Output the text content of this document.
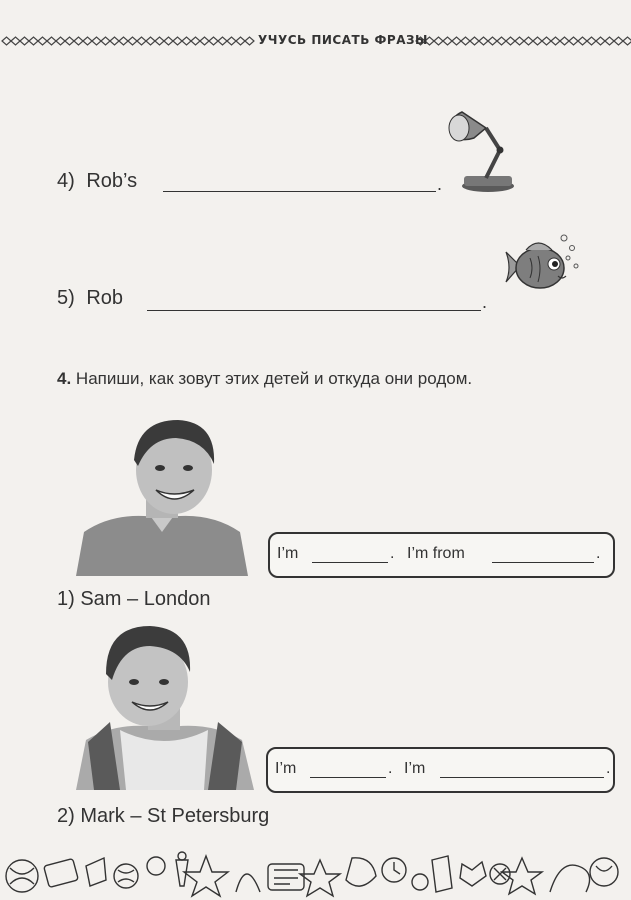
УЧУСЬ ПИСАТЬ ФРАЗЫ
4) Rob’s	.
5) Rob	.
4. Напиши, как зовут этих детей и откуда они родом.
I’m	. I’m from	.
1) Sam – London
I’m	. I’m	.
2) Mark – St Petersburg
